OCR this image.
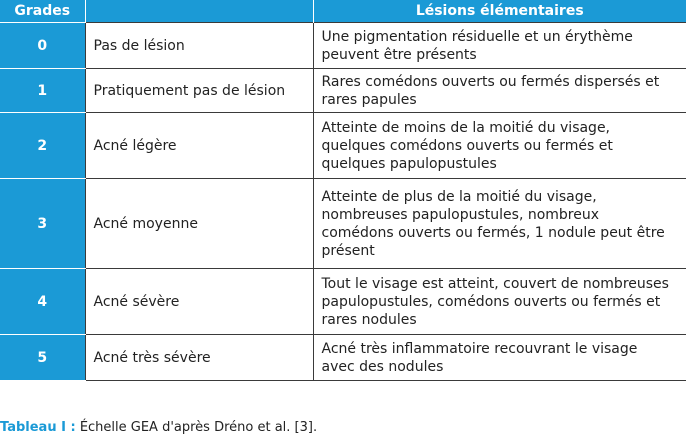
Grades		Lésions élémentaires
0	Pas de lésion	Une pigmentation résiduelle et un érythème
peuvent être présents
1	Pratiquement pas de lésion	Rares comédons ouverts ou fermés dispersés et
rares papules
2	Acné légère	Atteinte de moins de la moitié du visage,
quelques comédons ouverts ou fermés et
quelques papulopustules
3	Acné moyenne	Atteinte de plus de la moitié du visage,
nombreuses papulopustules, nombreux
comédons ouverts ou fermés, 1 nodule peut être
présent
4	Acné sévère	Tout le visage est atteint, couvert de nombreuses
papulopustules, comédons ouverts ou fermés et
rares nodules
5	Acné très sévère	Acné très inflammatoire recouvrant le visage
avec des nodules
Tableau I : Échelle GEA d'après Dréno et al. [3].
